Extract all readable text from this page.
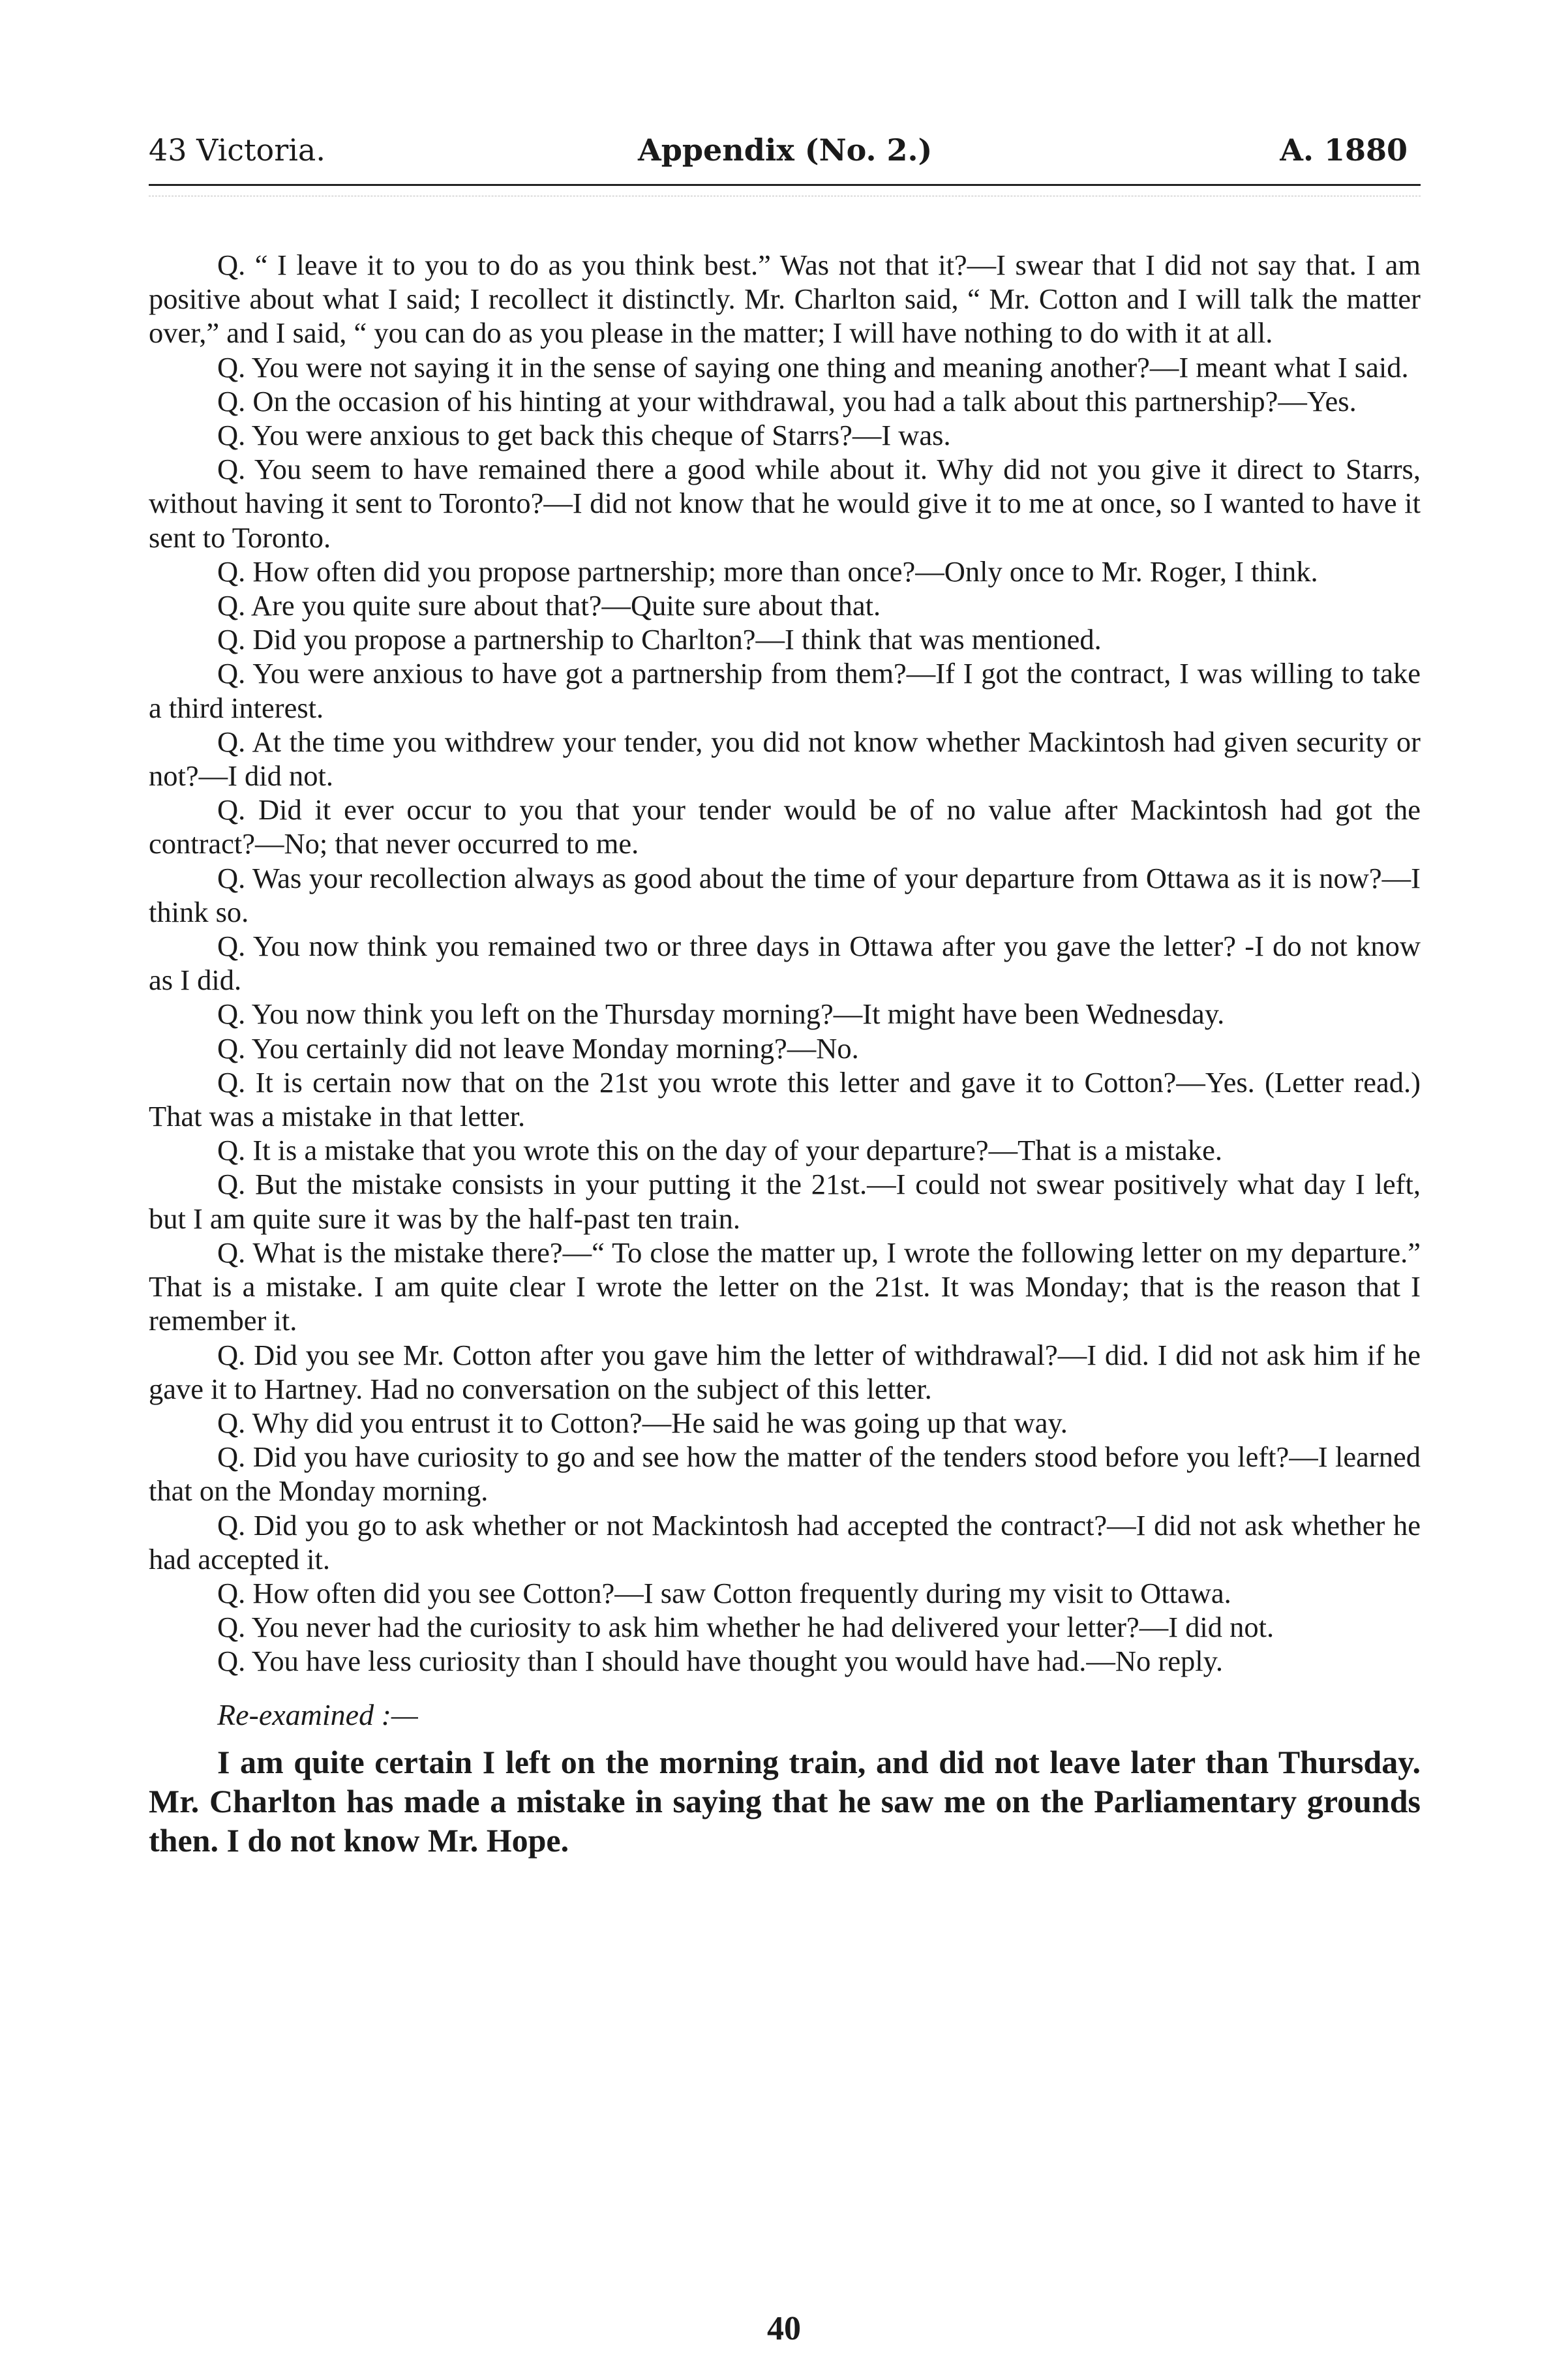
43 Victoria.	Appendix (No. 2.)	A. 1880

Q. “ I leave it to you to do as you think best.” Was not that it?—I swear that I did not say that. I am positive about what I said; I recollect it distinctly. Mr. Charlton said, “ Mr. Cotton and I will talk the matter over,” and I said, “ you can do as you please in the matter; I will have nothing to do with it at all.

Q. You were not saying it in the sense of saying one thing and meaning another?—I meant what I said.

Q. On the occasion of his hinting at your withdrawal, you had a talk about this partnership?—Yes.

Q. You were anxious to get back this cheque of Starrs?—I was.

Q. You seem to have remained there a good while about it. Why did not you give it direct to Starrs, without having it sent to Toronto?—I did not know that he would give it to me at once, so I wanted to have it sent to Toronto.

Q. How often did you propose partnership; more than once?—Only once to Mr. Roger, I think.

Q. Are you quite sure about that?—Quite sure about that.

Q. Did you propose a partnership to Charlton?—I think that was mentioned.

Q. You were anxious to have got a partnership from them?—If I got the contract, I was willing to take a third interest.

Q. At the time you withdrew your tender, you did not know whether Mackintosh had given security or not?—I did not.

Q. Did it ever occur to you that your tender would be of no value after Mackintosh had got the contract?—No; that never occurred to me.

Q. Was your recollection always as good about the time of your departure from Ottawa as it is now?—I think so.

Q. You now think you remained two or three days in Ottawa after you gave the letter? -I do not know as I did.

Q. You now think you left on the Thursday morning?—It might have been Wednesday.

Q. You certainly did not leave Monday morning?—No.

Q. It is certain now that on the 21st you wrote this letter and gave it to Cotton?—Yes. (Letter read.) That was a mistake in that letter.

Q. It is a mistake that you wrote this on the day of your departure?—That is a mistake.

Q. But the mistake consists in your putting it the 21st.—I could not swear positively what day I left, but I am quite sure it was by the half-past ten train.

Q. What is the mistake there?—“ To close the matter up, I wrote the following letter on my departure.” That is a mistake. I am quite clear I wrote the letter on the 21st. It was Monday; that is the reason that I remember it.

Q. Did you see Mr. Cotton after you gave him the letter of withdrawal?—I did. I did not ask him if he gave it to Hartney. Had no conversation on the subject of this letter.

Q. Why did you entrust it to Cotton?—He said he was going up that way.

Q. Did you have curiosity to go and see how the matter of the tenders stood before you left?—I learned that on the Monday morning.

Q. Did you go to ask whether or not Mackintosh had accepted the contract?—I did not ask whether he had accepted it.

Q. How often did you see Cotton?—I saw Cotton frequently during my visit to Ottawa.

Q. You never had the curiosity to ask him whether he had delivered your letter?—I did not.

Q. You have less curiosity than I should have thought you would have had.—No reply.

Re-examined :—

I am quite certain I left on the morning train, and did not leave later than Thursday. Mr. Charlton has made a mistake in saying that he saw me on the Parliamentary grounds then. I do not know Mr. Hope.

40
